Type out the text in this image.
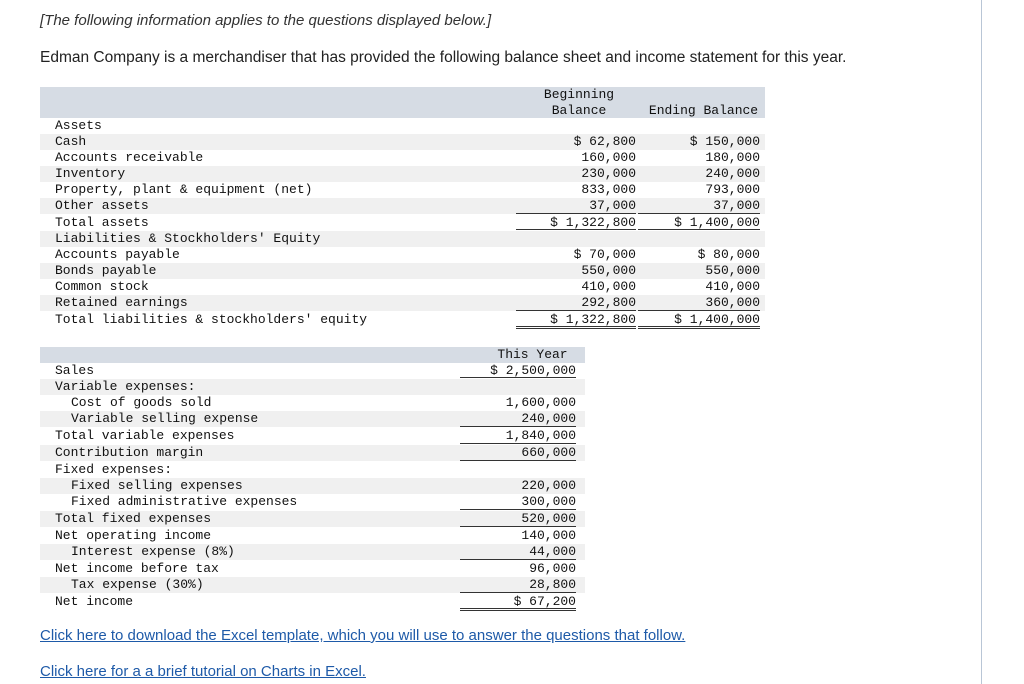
[The following information applies to the questions displayed below.]
Edman Company is a merchandiser that has provided the following balance sheet and income statement for this year.
Beginning
Balance	Ending Balance
Assets
Cash	$ 62,800	$ 150,000
Accounts receivable	160,000	180,000
Inventory	230,000	240,000
Property, plant & equipment (net)	833,000	793,000
Other assets	37,000	37,000
Total assets	$ 1,322,800	$ 1,400,000
Liabilities & Stockholders' Equity
Accounts payable	$ 70,000	$ 80,000
Bonds payable	550,000	550,000
Common stock	410,000	410,000
Retained earnings	292,800	360,000
Total liabilities & stockholders' equity	$ 1,322,800	$ 1,400,000
This Year
Sales	$ 2,500,000
Variable expenses:
Cost of goods sold	1,600,000
Variable selling expense	240,000
Total variable expenses	1,840,000
Contribution margin	660,000
Fixed expenses:
Fixed selling expenses	220,000
Fixed administrative expenses	300,000
Total fixed expenses	520,000
Net operating income	140,000
Interest expense (8%)	44,000
Net income before tax	96,000
Tax expense (30%)	28,800
Net income	$ 67,200
Click here to download the Excel template, which you will use to answer the questions that follow.
Click here for a a brief tutorial on Charts in Excel.
